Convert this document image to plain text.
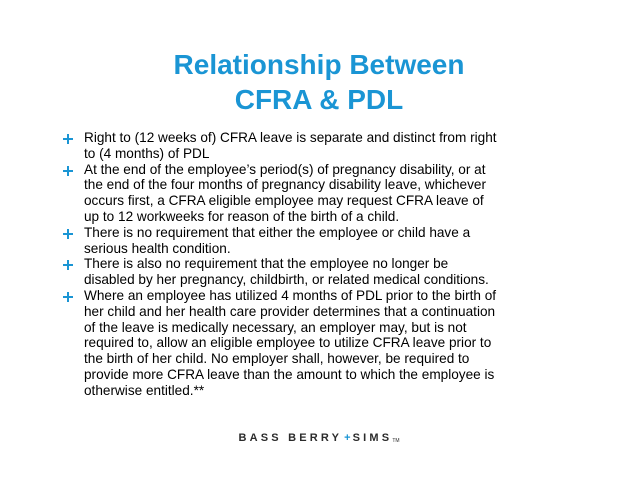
Relationship Between
CFRA & PDL
Right to (12 weeks of) CFRA leave is separate and distinct from right
to (4 months) of PDL
At the end of the employee’s period(s) of pregnancy disability, or at
the end of the four months of pregnancy disability leave, whichever
occurs first, a CFRA eligible employee may request CFRA leave of
up to 12 workweeks for reason of the birth of a child.
There is no requirement that either the employee or child have a
serious health condition.
There is also no requirement that the employee no longer be
disabled by her pregnancy, childbirth, or related medical conditions.
Where an employee has utilized 4 months of PDL prior to the birth of
her child and her health care provider determines that a continuation
of the leave is medically necessary, an employer may, but is not
required to, allow an eligible employee to utilize CFRA leave prior to
the birth of her child. No employer shall, however, be required to
provide more CFRA leave than the amount to which the employee is
otherwise entitled.**
BASS BERRY + SIMSTM
